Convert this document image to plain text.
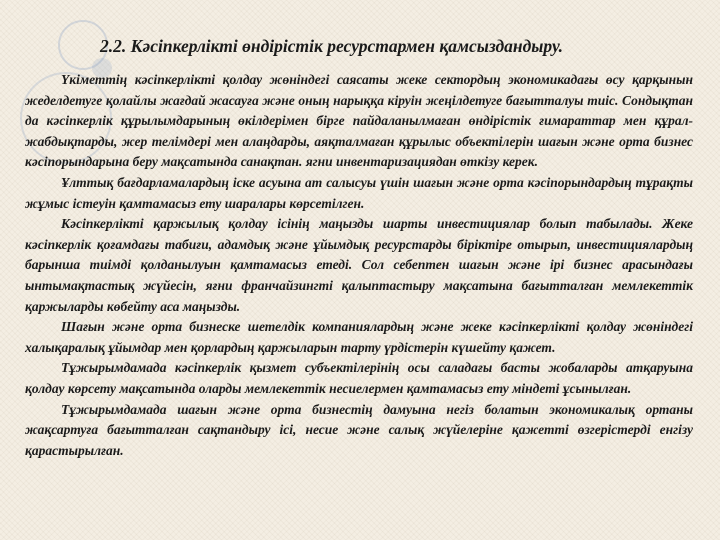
2.2. Кәсіпкерлікті өндірістік ресурстармен қамсыздандыру.

Үкіметтің кәсіпкерлікті қолдау жөніндегі саясаты жеке сектордың экономикадағы өсу қарқынын жеделдетуге қолайлы жағдай жасауға және оның нарыққа кіруін жеңілдетуге бағытталуы тиіс. Сондықтан да кәсіпкерлік құрылымдарының өкілдерімен бірге пайдаланылмаған өндірістік ғимараттар мен құрал-жабдықтарды, жер телімдері мен алаңдарды, аяқталмаған құрылыс объектілерін шағын және орта бизнес кәсіпорындарына беру мақсатында санақтан. ягни инвентаризациядан өткізу керек.

Ұлттық бағдарламалардың іске асуына ат салысуы үшін шағын және орта кәсіпорындардың тұрақты жұмыс істеуін қамтамасыз ету шаралары көрсетілген.

Кәсіпкерлікті қаржылық қолдау ісінің маңызды шарты инвестициялар болып табылады. Жеке кәсіпкерлік қоғамдағы табиғи, адамдық және ұйымдық ресурстарды біріктіре отырып, инвестициялардың барынша тиімді қолданылуын қамтамасыз етеді. Сол себептен шағын және ірі бизнес арасындағы ынтымақтастық жүйесін, яғни франчайзингті қалыптастыру мақсатына бағытталған мемлекеттік қаржыларды көбейту аса маңызды.

Шағын және орта бизнеске шетелдік компаниялардың және жеке кәсіпкерлікті қолдау жөніндегі халықаралық ұйымдар мен қорлардың қаржыларын тарту үрдістерін күшейту қажет.

Тұжырымдамада кәсіпкерлік қызмет субъектілерінің осы саладағы басты жобаларды атқаруына қолдау көрсету мақсатында оларды мемлекеттік несиелермен қамтамасыз ету міндеті ұсынылған.

Тұжырымдамада шағын және орта бизнестің дамуына негіз болатын экономикалық ортаны жақсартуға бағытталған сақтандыру ісі, несие және салық жүйелеріне қажетті өзгерістерді енгізу қарастырылған.
